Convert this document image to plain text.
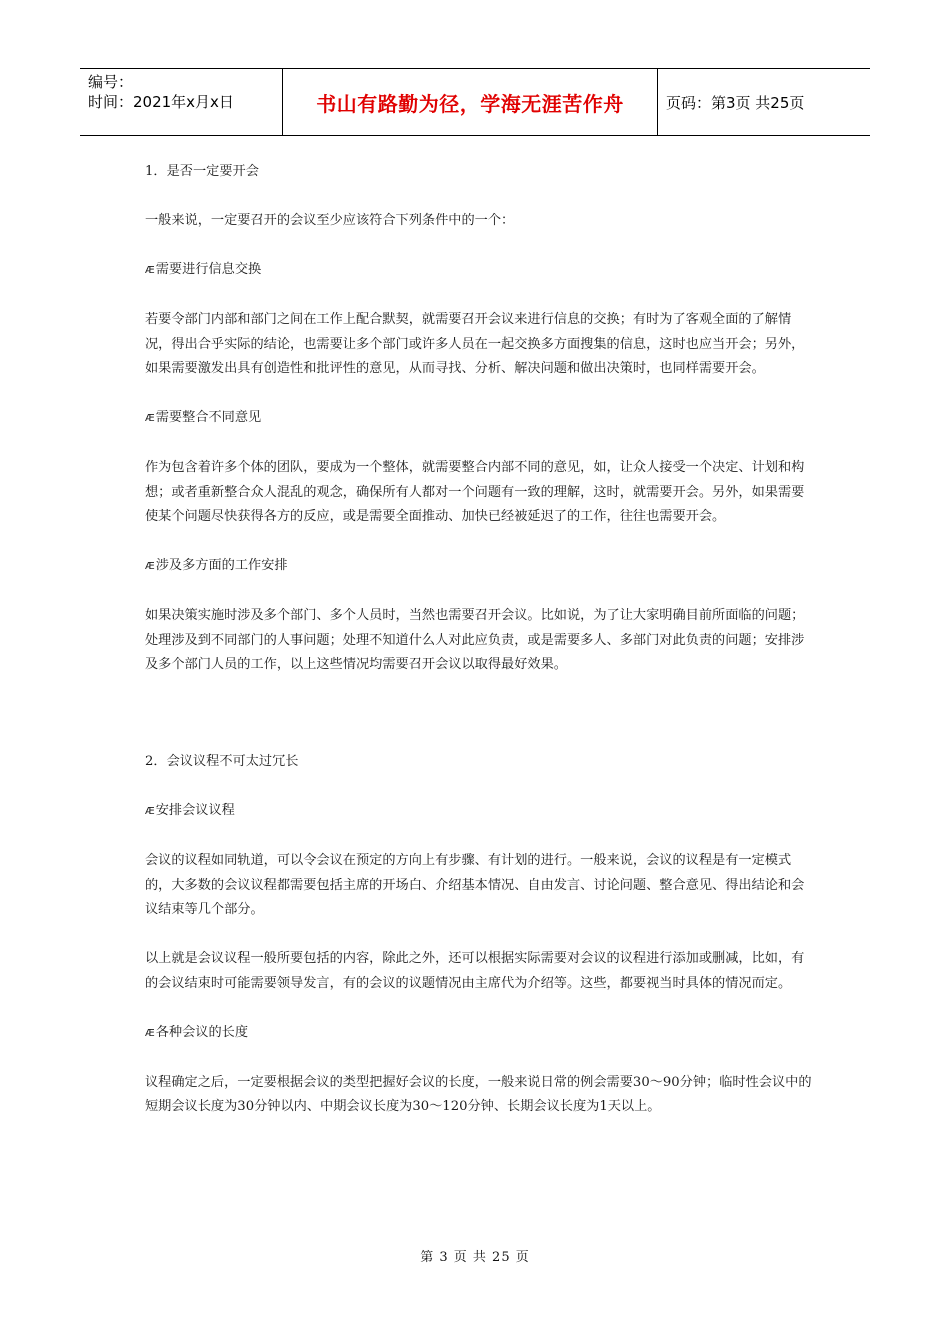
编号：
时间：2021年x月x日	书山有路勤为径，学海无涯苦作舟	页码：第3页 共25页

1．是否一定要开会

一般来说，一定要召开的会议至少应该符合下列条件中的一个：

Æ需要进行信息交换

若要令部门内部和部门之间在工作上配合默契，就需要召开会议来进行信息的交换；有时为了客观全面的了解情况，得出合乎实际的结论，也需要让多个部门或许多人员在一起交换多方面搜集的信息，这时也应当开会；另外，如果需要激发出具有创造性和批评性的意见，从而寻找、分析、解决问题和做出决策时，也同样需要开会。

Æ需要整合不同意见

作为包含着许多个体的团队，要成为一个整体，就需要整合内部不同的意见，如，让众人接受一个决定、计划和构想；或者重新整合众人混乱的观念，确保所有人都对一个问题有一致的理解，这时，就需要开会。另外，如果需要使某个问题尽快获得各方的反应，或是需要全面推动、加快已经被延迟了的工作，往往也需要开会。

Æ涉及多方面的工作安排

如果决策实施时涉及多个部门、多个人员时，当然也需要召开会议。比如说，为了让大家明确目前所面临的问题；处理涉及到不同部门的人事问题；处理不知道什么人对此应负责，或是需要多人、多部门对此负责的问题；安排涉及多个部门人员的工作，以上这些情况均需要召开会议以取得最好效果。

2．会议议程不可太过冗长

Æ安排会议议程

会议的议程如同轨道，可以令会议在预定的方向上有步骤、有计划的进行。一般来说，会议的议程是有一定模式的，大多数的会议议程都需要包括主席的开场白、介绍基本情况、自由发言、讨论问题、整合意见、得出结论和会议结束等几个部分。

以上就是会议议程一般所要包括的内容，除此之外，还可以根据实际需要对会议的议程进行添加或删减，比如，有的会议结束时可能需要领导发言，有的会议的议题情况由主席代为介绍等。这些，都要视当时具体的情况而定。

Æ各种会议的长度

议程确定之后，一定要根据会议的类型把握好会议的长度，一般来说日常的例会需要30～90分钟；临时性会议中的短期会议长度为30分钟以内、中期会议长度为30～120分钟、长期会议长度为1天以上。

第 3 页 共 25 页
